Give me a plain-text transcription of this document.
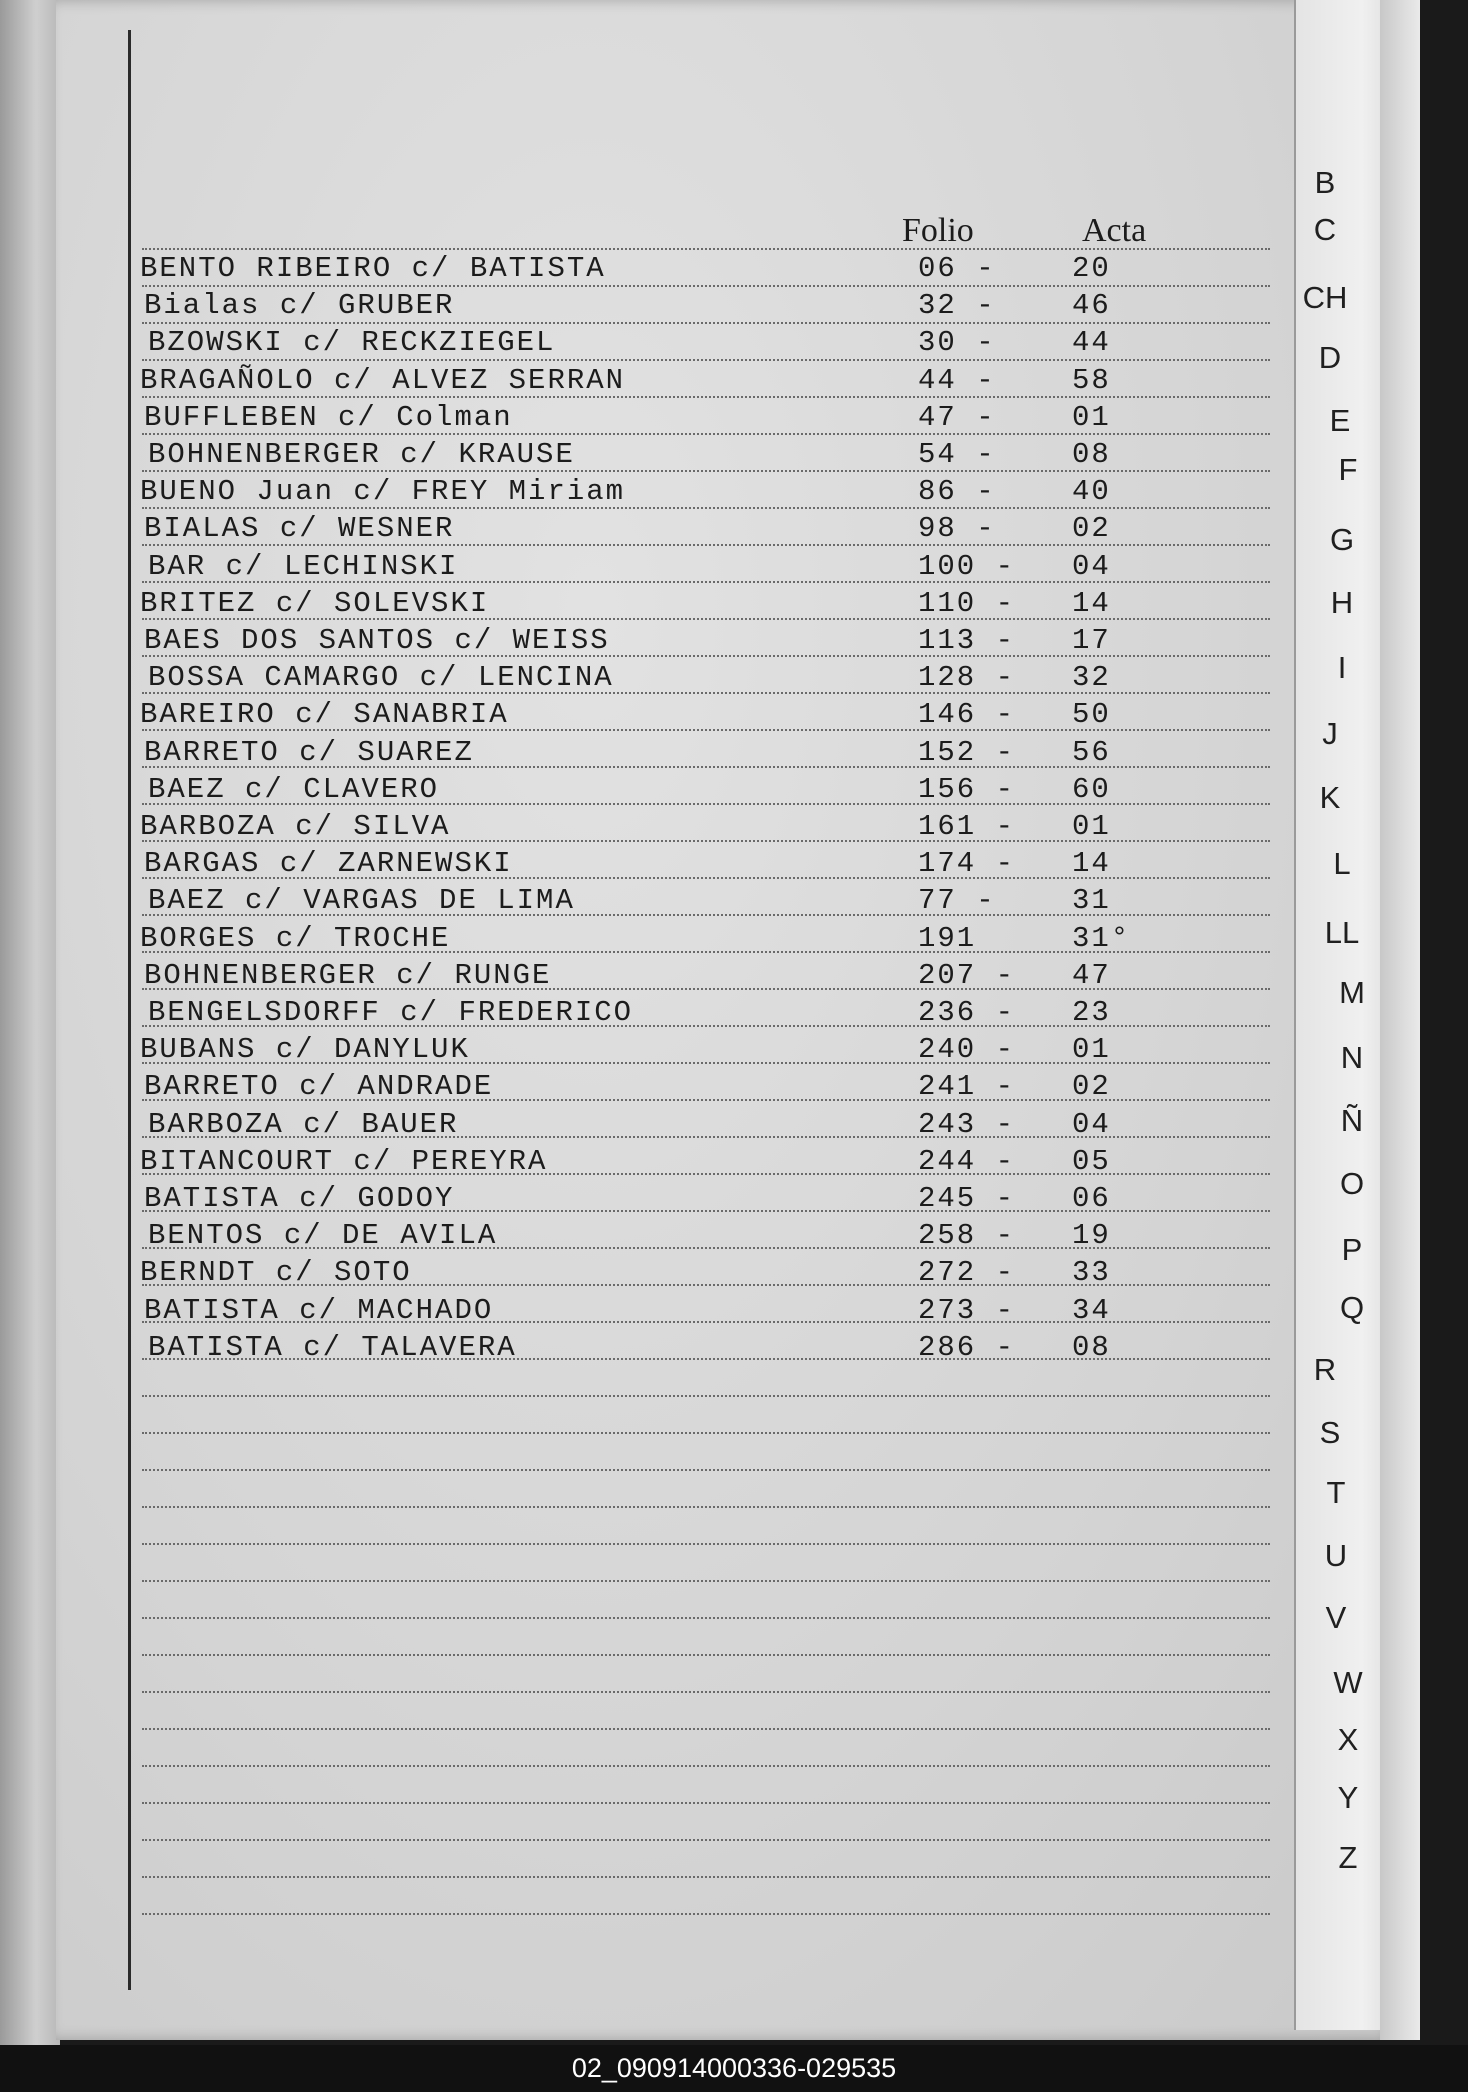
Folio	Acta
BENTO RIBEIRO c/ BATISTA	06 -	20
Bialas c/ GRUBER	32 -	46
BZOWSKI c/ RECKZIEGEL	30 -	44
BRAGAÑOLO c/ ALVEZ SERRAN	44 -	58
BUFFLEBEN c/ Colman	47 -	01
BOHNENBERGER c/ KRAUSE	54 -	08
BUENO Juan c/ FREY Miriam	86 -	40
BIALAS c/ WESNER	98 -	02
BAR c/ LECHINSKI	100 - 04
BRITEZ c/ SOLEVSKI	110 - 14
BAES DOS SANTOS c/ WEISS	113 - 17
BOSSA CAMARGO c/ LENCINA	128 - 32
BAREIRO c/ SANABRIA	146 - 50
BARRETO c/ SUAREZ	152 - 56
BAEZ c/ CLAVERO	156 - 60
BARBOZA c/ SILVA	161 - 01
BARGAS c/ ZARNEWSKI	174 - 14
BAEZ c/ VARGAS DE LIMA	77 -	31
BORGES c/ TROCHE	191	31°
BOHNENBERGER c/ RUNGE	207 - 47
BENGELSDORFF c/ FREDERICO	236 - 23
BUBANS c/ DANYLUK	240 - 01
BARRETO c/ ANDRADE	241 - 02
BARBOZA c/ BAUER	243 - 04
BITANCOURT c/ PEREYRA	244 - 05
BATISTA c/ GODOY	245 - 06
BENTOS c/ DE AVILA	258 - 19
BERNDT c/ SOTO	272 - 33
BATISTA c/ MACHADO	273 - 34
BATISTA c/ TALAVERA	286 - 08
B
C
CH
D
E
F
G
H
I
J
K
L
LL
M
N
Ñ
O
P
Q
R
S
T
U
V
W
X
Y
Z
02_090914000336-029535
